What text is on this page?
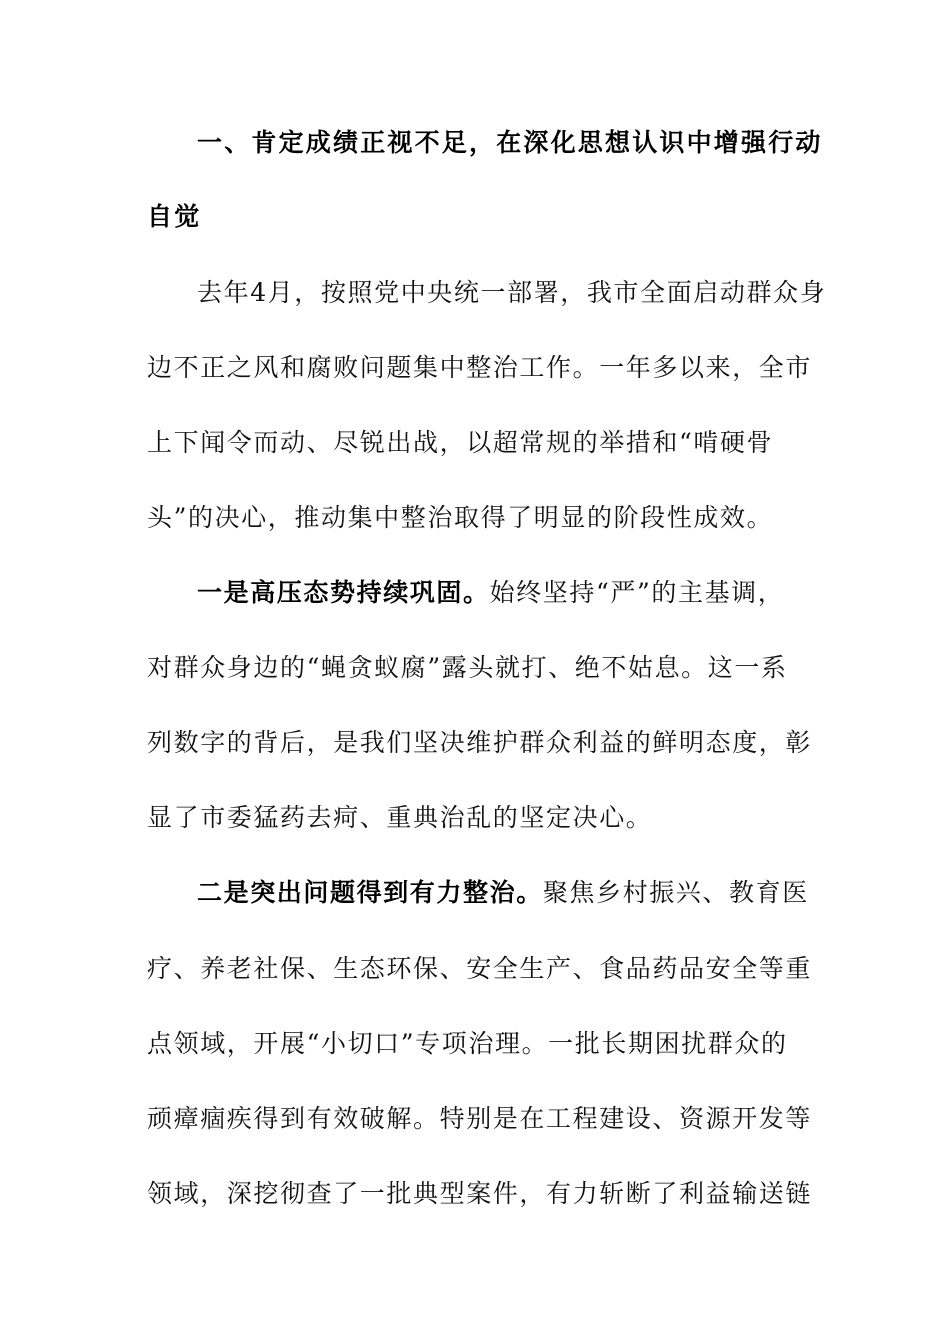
一、肯定成绩正视不足，在深化思想认识中增强行动
自觉
去年4月，按照党中央统一部署，我市全面启动群众身
边不正之风和腐败问题集中整治工作。一年多以来，全市
上下闻令而动、尽锐出战，以超常规的举措和“啃硬骨
头”的决心，推动集中整治取得了明显的阶段性成效。
一是高压态势持续巩固。始终坚持“严”的主基调，
对群众身边的“蝇贪蚁腐”露头就打、绝不姑息。这一系
列数字的背后，是我们坚决维护群众利益的鲜明态度，彰
显了市委猛药去疴、重典治乱的坚定决心。
二是突出问题得到有力整治。聚焦乡村振兴、教育医
疗、养老社保、生态环保、安全生产、食品药品安全等重
点领域，开展“小切口”专项治理。一批长期困扰群众的
顽瘴痼疾得到有效破解。特别是在工程建设、资源开发等
领域，深挖彻查了一批典型案件，有力斩断了利益输送链
